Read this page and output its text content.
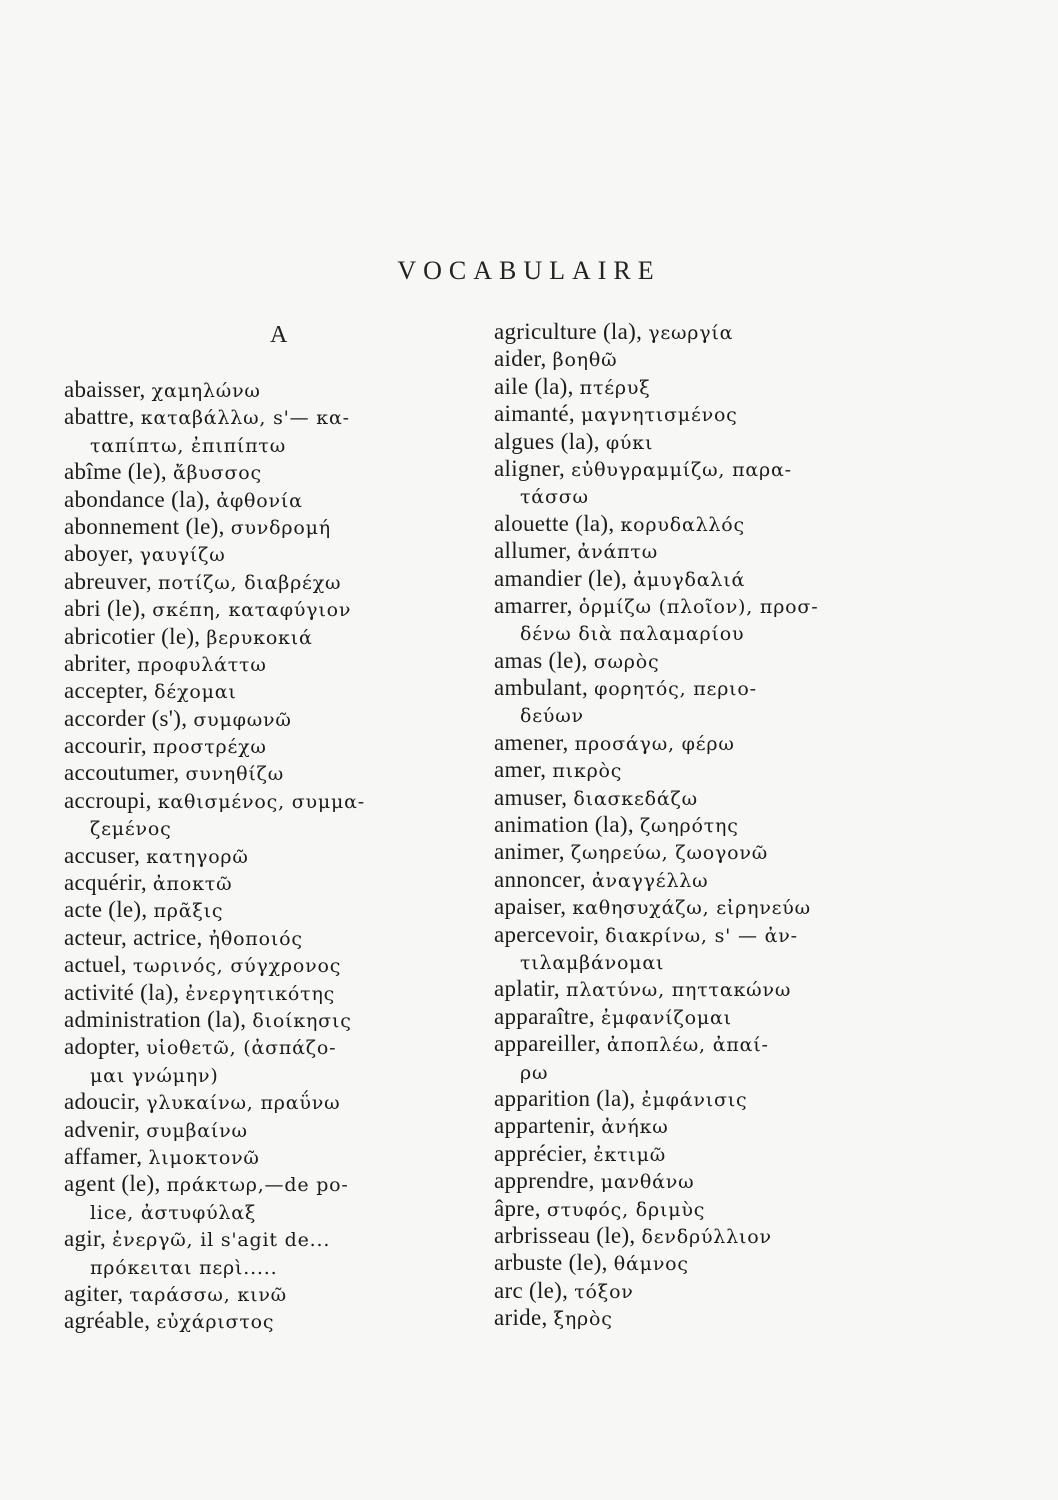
VOCABULAIRE
A
abaisser, χαμηλώνω
abattre, καταβάλλω, s'— κα-
ταπίπτω, ἐπιπίπτω
abîme (le), ἄβυσσος
abondance (la), ἀφθονία
abonnement (le), συνδρομή
aboyer, γαυγίζω
abreuver, ποτίζω, διαβρέχω
abri (le), σκέπη, καταφύγιον
abricotier (le), βερυκοκιά
abriter, προφυλάττω
accepter, δέχομαι
accorder (s'), συμφωνῶ
accourir, προστρέχω
accoutumer, συνηθίζω
accroupi, καθισμένος, συμμα-
ζεμένος
accuser, κατηγορῶ
acquérir, ἀποκτῶ
acte (le), πρᾶξις
acteur, actrice, ἠθοποιός
actuel, τωρινός, σύγχρονος
activité (la), ἐνεργητικότης
administration (la), διοίκησις
adopter, υἱοθετῶ, (ἀσπάζο-
μαι γνώμην)
adoucir, γλυκαίνω, πραΰνω
advenir, συμβαίνω
affamer, λιμοκτονῶ
agent (le), πράκτωρ,—de po-
lice, ἀστυφύλαξ
agir, ἐνεργῶ, il s'agit de...
πρόκειται περὶ.....
agiter, ταράσσω, κινῶ
agréable, εὐχάριστος
agriculture (la), γεωργία
aider, βοηθῶ
aile (la), πτέρυξ
aimanté, μαγνητισμένος
algues (la), φύκι
aligner, εὐθυγραμμίζω, παρα-
τάσσω
alouette (la), κορυδαλλός
allumer, ἀνάπτω
amandier (le), ἀμυγδαλιά
amarrer, ὁρμίζω (πλοῖον), προσ-
δένω διὰ παλαμαρίου
amas (le), σωρὸς
ambulant, φορητός, περιο-
δεύων
amener, προσάγω, φέρω
amer, πικρὸς
amuser, διασκεδάζω
animation (la), ζωηρότης
animer, ζωηρεύω, ζωογονῶ
annoncer, ἀναγγέλλω
apaiser, καθησυχάζω, εἰρηνεύω
apercevoir, διακρίνω, s' — ἀν-
τιλαμβάνομαι
aplatir, πλατύνω, πηττακώνω
apparaître, ἐμφανίζομαι
appareiller, ἀποπλέω, ἀπαί-
ρω
apparition (la), ἐμφάνισις
appartenir, ἀνήκω
apprécier, ἐκτιμῶ
apprendre, μανθάνω
âpre, στυφός, δριμὺς
arbrisseau (le), δενδρύλλιον
arbuste (le), θάμνος
arc (le), τόξον
aride, ξηρὸς
